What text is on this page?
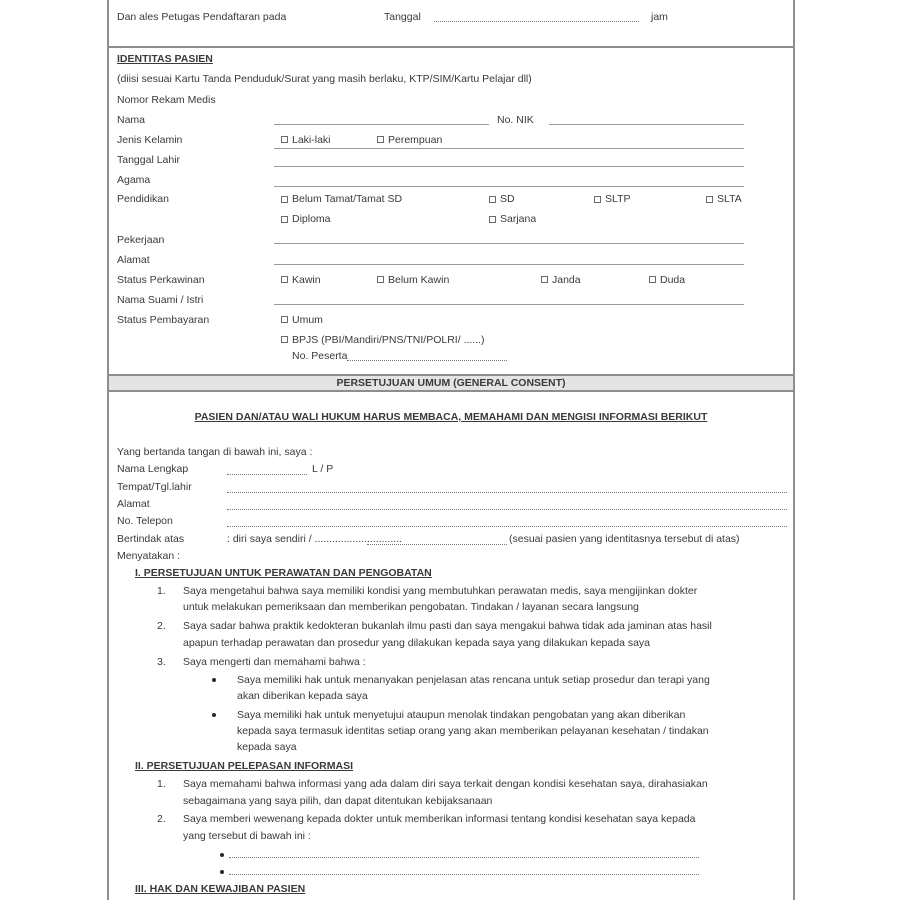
Dan ales Petugas Pendaftaran pada	Tanggal	jam
IDENTITAS PASIEN
(diisi sesuai Kartu Tanda Penduduk/Surat yang masih berlaku, KTP/SIM/Kartu Pelajar dll)
Nomor Rekam Medis
Nama	No. NIK
Jenis Kelamin	Laki-laki	Perempuan
Tanggal Lahir
Agama
Pendidikan	Belum Tamat/Tamat SD	SD	SLTP	SLTA
Diploma	Sarjana
Pekerjaan
Alamat
Status Perkawinan	Kawin	Belum Kawin	Janda	Duda
Nama Suami / Istri
Status Pembayaran	Umum
BPJS (PBI/Mandiri/PNS/TNI/POLRI/ ......)
No. Peserta
PERSETUJUAN UMUM (GENERAL CONSENT)
PASIEN DAN/ATAU WALI HUKUM HARUS MEMBACA, MEMAHAMI DAN MENGISI INFORMASI BERIKUT
Yang bertanda tangan di bawah ini, saya :
Nama Lengkap	L / P
Tempat/Tgl.lahir
Alamat
No. Telepon
Bertindak atas	: diri saya sendiri / ..............................	(sesuai pasien yang identitasnya tersebut di atas)
Menyatakan :
I. PERSETUJUAN UNTUK PERAWATAN DAN PENGOBATAN
1. Saya mengetahui bahwa saya memiliki kondisi yang membutuhkan perawatan medis, saya mengijinkan dokter
untuk melakukan pemeriksaan dan memberikan pengobatan. Tindakan / layanan secara langsung
2. Saya sadar bahwa praktik kedokteran bukanlah ilmu pasti dan saya mengakui bahwa tidak ada jaminan atas hasil
apapun terhadap perawatan dan prosedur yang dilakukan kepada saya yang dilakukan kepada saya
3. Saya mengerti dan memahami bahwa :
Saya memiliki hak untuk menanyakan penjelasan atas rencana untuk setiap prosedur dan terapi yang
akan diberikan kepada saya
Saya memiliki hak untuk menyetujui ataupun menolak tindakan pengobatan yang akan diberikan
kepada saya termasuk identitas setiap orang yang akan memberikan pelayanan kesehatan / tindakan
kepada saya
II. PERSETUJUAN PELEPASAN INFORMASI
1. Saya memahami bahwa informasi yang ada dalam diri saya terkait dengan kondisi kesehatan saya, dirahasiakan
sebagaimana yang saya pilih, dan dapat ditentukan kebijaksanaan
2. Saya memberi wewenang kepada dokter untuk memberikan informasi tentang kondisi kesehatan saya kepada
yang tersebut di bawah ini :
III. HAK DAN KEWAJIBAN PASIEN
